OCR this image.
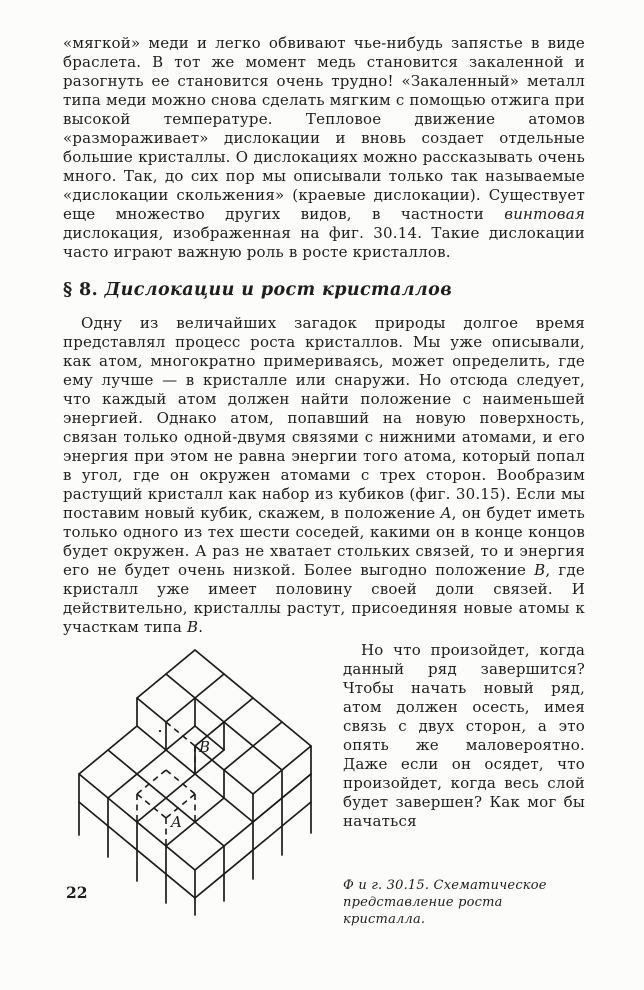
«мягкой» меди и легко обвивают чье-нибудь запястье в виде браслета. В тот же момент медь становится закаленной и разогнуть ее становится очень трудно! «Закаленный» металл типа меди можно снова сделать мягким с помощью отжига при высокой температуре. Тепловое движение атомов «размораживает» дислокации и вновь создает отдельные большие кристаллы. О дислокациях можно рассказывать очень много. Так, до сих пор мы описывали только так называемые «дислокации скольжения» (краевые дислокации). Существует еще множество других видов, в частности винтовая дислокация, изображенная на фиг. 30.14. Такие дислокации часто играют важную роль в росте кристаллов.

§ 8. Дислокации и рост кристаллов

Одну из величайших загадок природы долгое время представлял процесс роста кристаллов. Мы уже описывали, как атом, многократно примериваясь, может определить, где ему лучше — в кристалле или снаружи. Но отсюда следует, что каждый атом должен найти положение с наименьшей энергией. Однако атом, попавший на новую поверхность, связан только одной-двумя связями с нижними атомами, и его энергия при этом не равна энергии того атома, который попал в угол, где он окружен атомами с трех сторон. Вообразим растущий кристалл как набор из кубиков (фиг. 30.15). Если мы поставим новый кубик, скажем, в положение A, он будет иметь только одного из тех шести соседей, какими он в конце концов будет окружен. А раз не хватает стольких связей, то и энергия его не будет очень низкой. Более выгодно положение B, где кристалл уже имеет половину своей доли связей. И действительно, кристаллы растут, присоединяя новые атомы к участкам типа B.

B
A

Но что произойдет, когда данный ряд завершится? Чтобы начать новый ряд, атом должен осесть, имея связь с двух сторон, а это опять же маловероятно. Даже если он осядет, что произойдет, когда весь слой будет завершен? Как мог бы начаться

Ф и г. 30.15. Схематическое представление роста кристалла.

22
